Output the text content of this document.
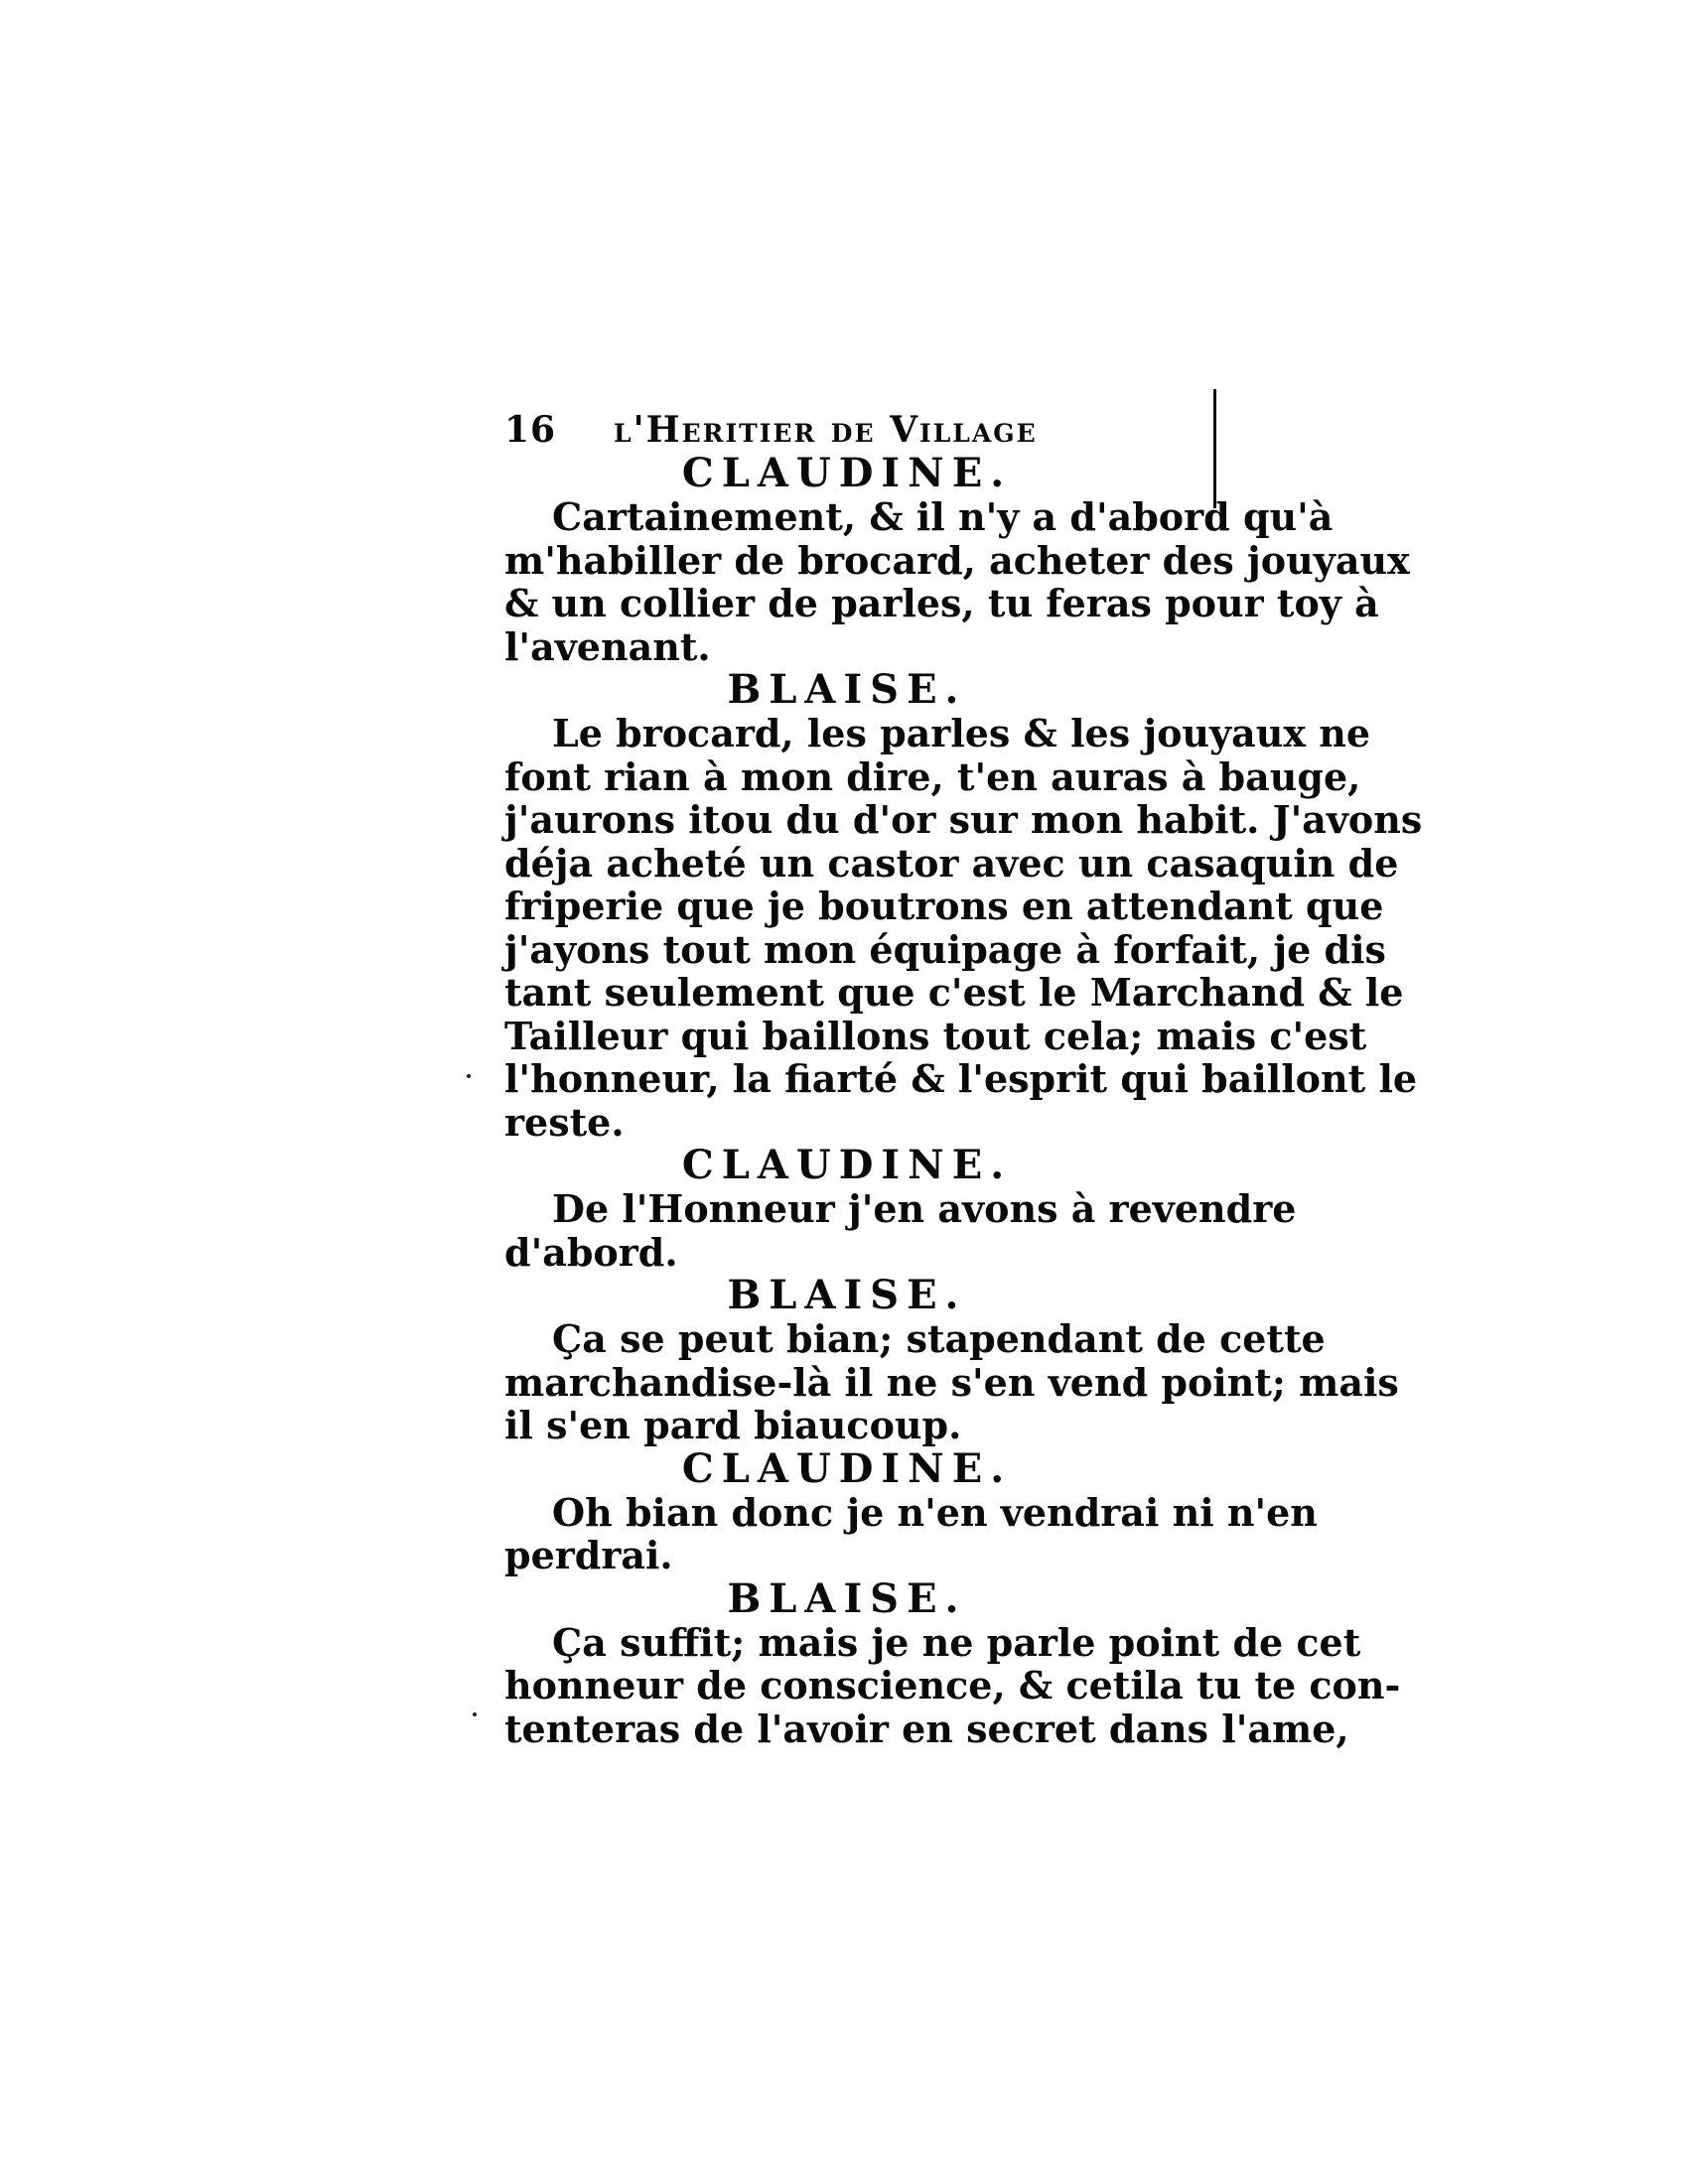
16 l'Heritier de Village

CLAUDINE.

Cartainement, & il n'y a d'abord qu'à
m'habiller de brocard, acheter des jouyaux
& un collier de parles, tu feras pour toy à
l'avenant.

BLAISE.

Le brocard, les parles & les jouyaux ne
font rian à mon dire, t'en auras à bauge,
j'aurons itou du d'or sur mon habit. J'avons
déja acheté un castor avec un casaquin de
friperie que je boutrons en attendant que
j'ayons tout mon équipage à forfait, je dis
tant seulement que c'est le Marchand & le
Tailleur qui baillons tout cela; mais c'est
l'honneur, la fiarté & l'esprit qui baillont le
reste.

CLAUDINE.

De l'Honneur j'en avons à revendre
d'abord.

BLAISE.

Ça se peut bian; stapendant de cette
marchandise-là il ne s'en vend point; mais
il s'en pard biaucoup.

CLAUDINE.

Oh bian donc je n'en vendrai ni n'en
perdrai.

BLAISE.

Ça suffit; mais je ne parle point de cet
honneur de conscience, & cetila tu te con-
tenteras de l'avoir en secret dans l'ame,
